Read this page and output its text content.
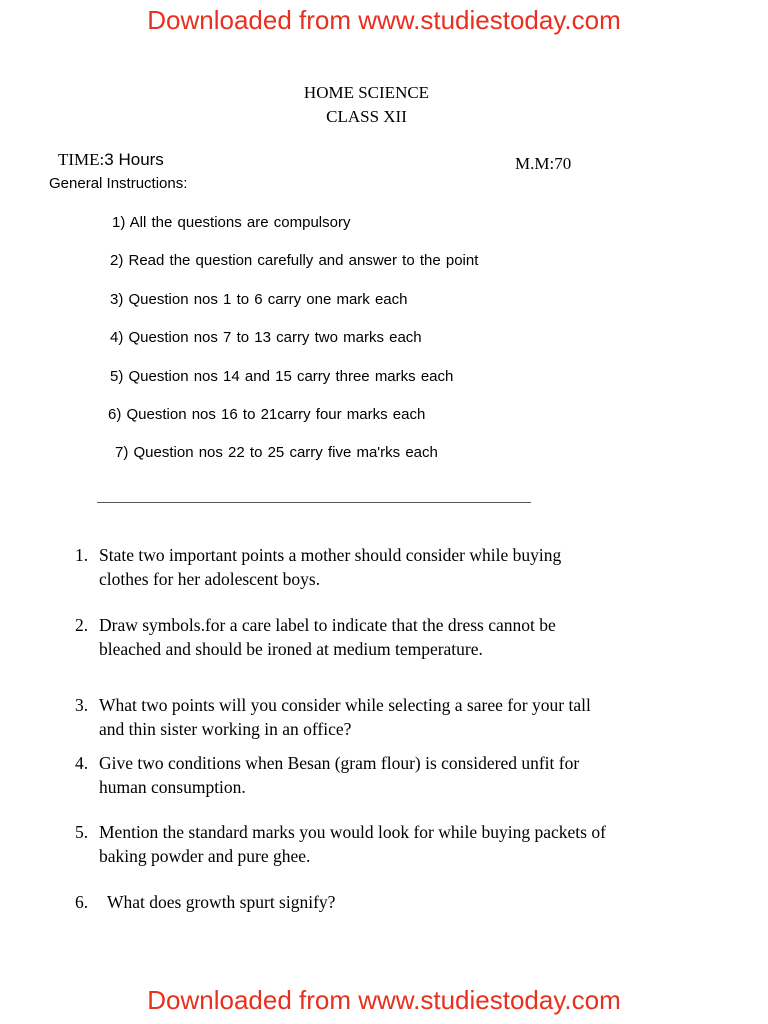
Downloaded from www.studiestoday.com
HOME SCIENCE
CLASS XII
TIME:3 Hours	M.M:70
General Instructions:
1) All the questions are compulsory
2) Read the question carefully and answer to the point
3) Question nos 1 to 6 carry one mark each
4) Question nos 7 to 13 carry two marks each
5) Question nos 14 and 15 carry three marks each
6) Question nos 16 to 21carry four marks each
7) Question nos 22 to 25 carry five ma'rks each
1. State two important points a mother should consider while buying
clothes for her adolescent boys.
2. Draw symbols.for a care label to indicate that the dress cannot be
bleached and should be ironed at medium temperature.
3. What two points will you consider while selecting a saree for your tall
and thin sister working in an office?
4. Give two conditions when Besan (gram flour) is considered unfit for
human consumption.
5. Mention the standard marks you would look for while buying packets of
baking powder and pure ghee.
6. What does growth spurt signify?
Downloaded from www.studiestoday.com
